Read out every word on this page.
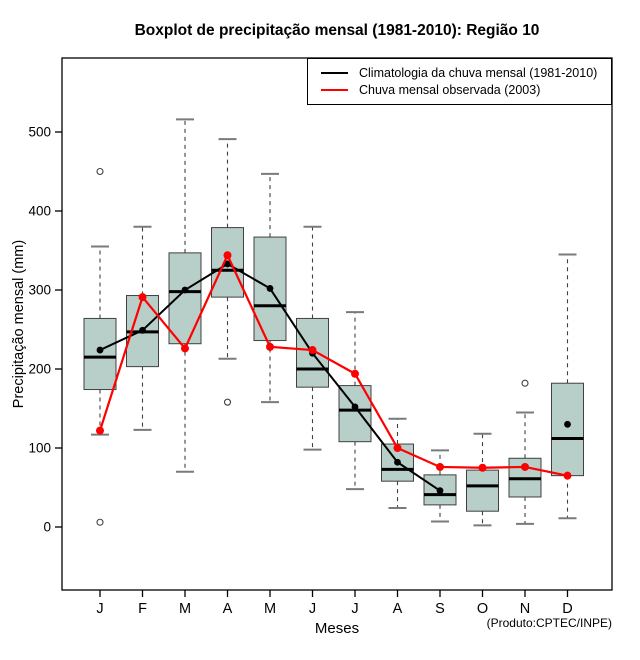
0
100
200
300
400
500
J F M A M J J A S O N D
Boxplot de precipitação mensal (1981-2010): Região 10
Precipitação mensal (mm)
Meses	(Produto:CPTEC/INPE)
Climatologia da chuva mensal (1981-2010)
Chuva mensal observada (2003)
